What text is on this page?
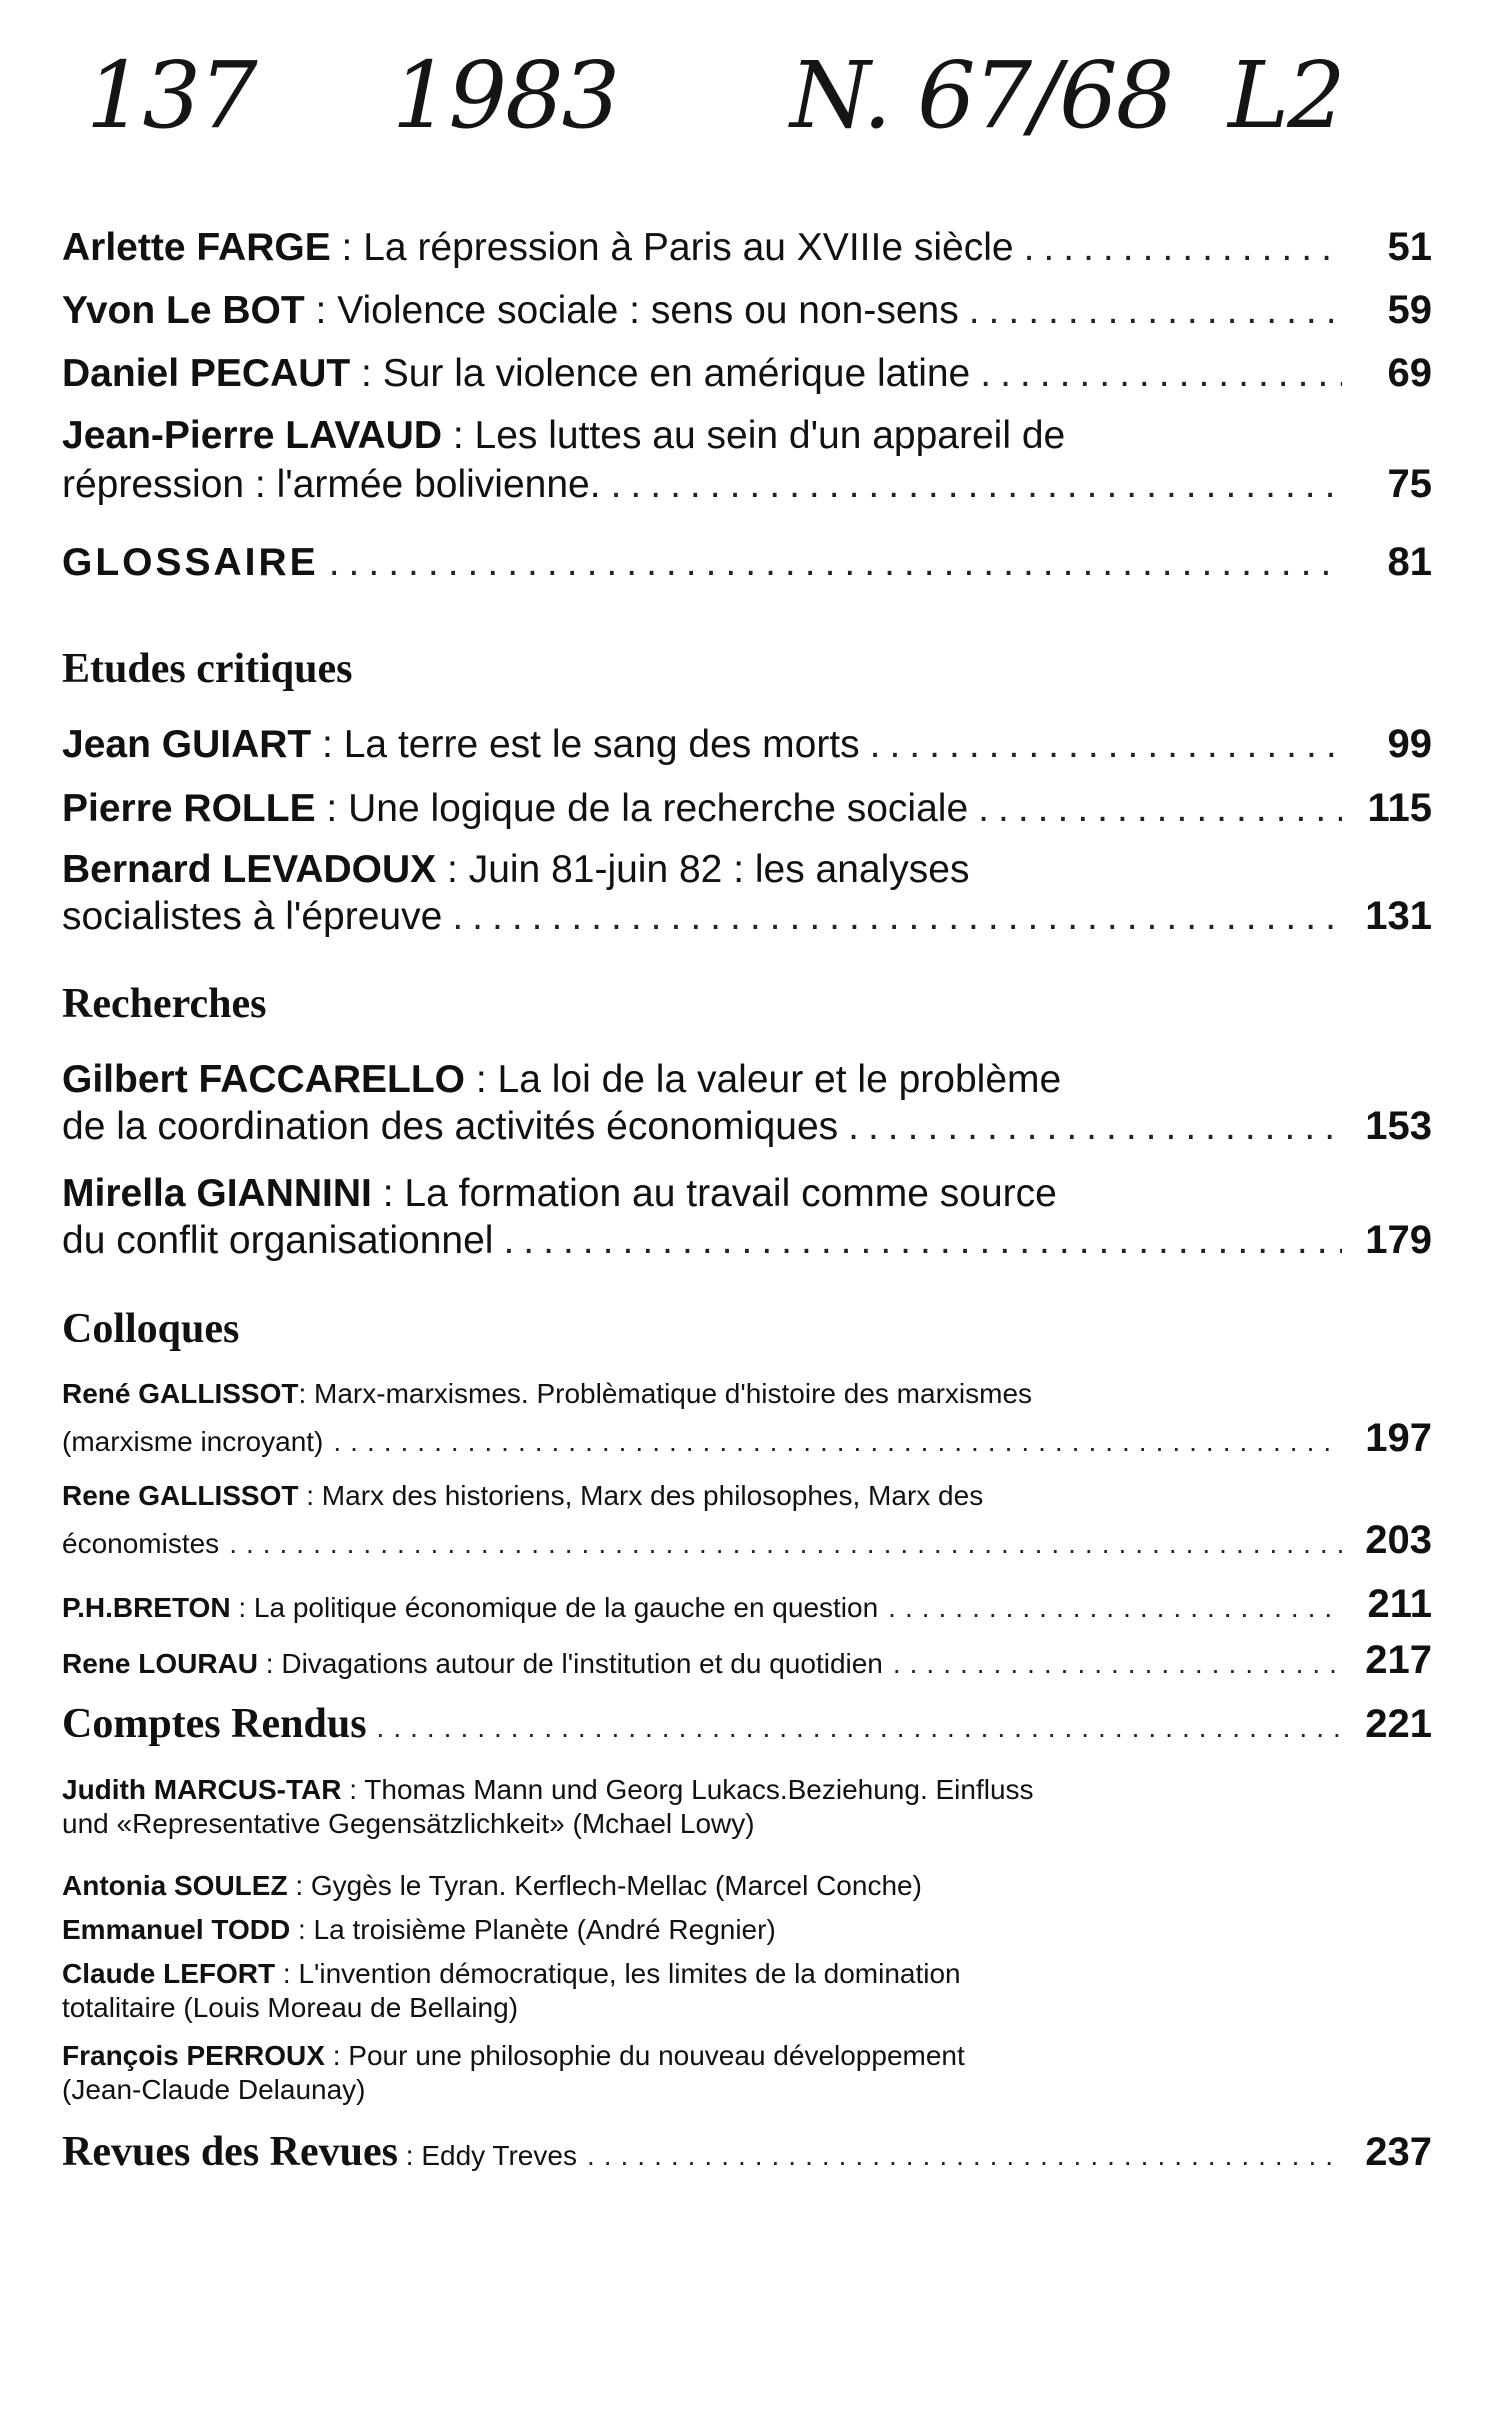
137 1983 N. 67/68 L2
Arlette FARGE : La répression à Paris au XVIIIe siècle .....	51
Yvon Le BOT : Violence sociale : sens ou non-sens .....	59
Daniel PECAUT : Sur la violence en amérique latine .....	69
Jean-Pierre LAVAUD : Les luttes au sein d'un appareil de
répression : l'armée bolivienne. .....	75
GLOSSAIRE .....	81
Etudes critiques
Jean GUIART : La terre est le sang des morts .....	99
Pierre ROLLE : Une logique de la recherche sociale .....	115
Bernard LEVADOUX : Juin 81-juin 82 : les analyses
socialistes à l'épreuve .....	131
Recherches
Gilbert FACCARELLO : La loi de la valeur et le problème
de la coordination des activités économiques .....	153
Mirella GIANNINI : La formation au travail comme source
du conflit organisationnel .....	179
Colloques
René GALLISSOT: Marx-marxismes. Problèmatique d'histoire des marxismes
(marxisme incroyant) .....	197
Rene GALLISSOT : Marx des historiens, Marx des philosophes, Marx des
économistes .....	203
P.H.BRETON : La politique économique de la gauche en question .....	211
Rene LOURAU : Divagations autour de l'institution et du quotidien .....	217
Comptes Rendus .....	221
Judith MARCUS-TAR : Thomas Mann und Georg Lukacs.Beziehung. Einfluss
und «Representative Gegensätzlichkeit» (Mchael Lowy)
Antonia SOULEZ : Gygès le Tyran. Kerflech-Mellac (Marcel Conche)
Emmanuel TODD : La troisième Planète (André Regnier)
Claude LEFORT : L'invention démocratique, les limites de la domination
totalitaire (Louis Moreau de Bellaing)
François PERROUX : Pour une philosophie du nouveau développement
(Jean-Claude Delaunay)
Revues des Revues : Eddy Treves .....	237
